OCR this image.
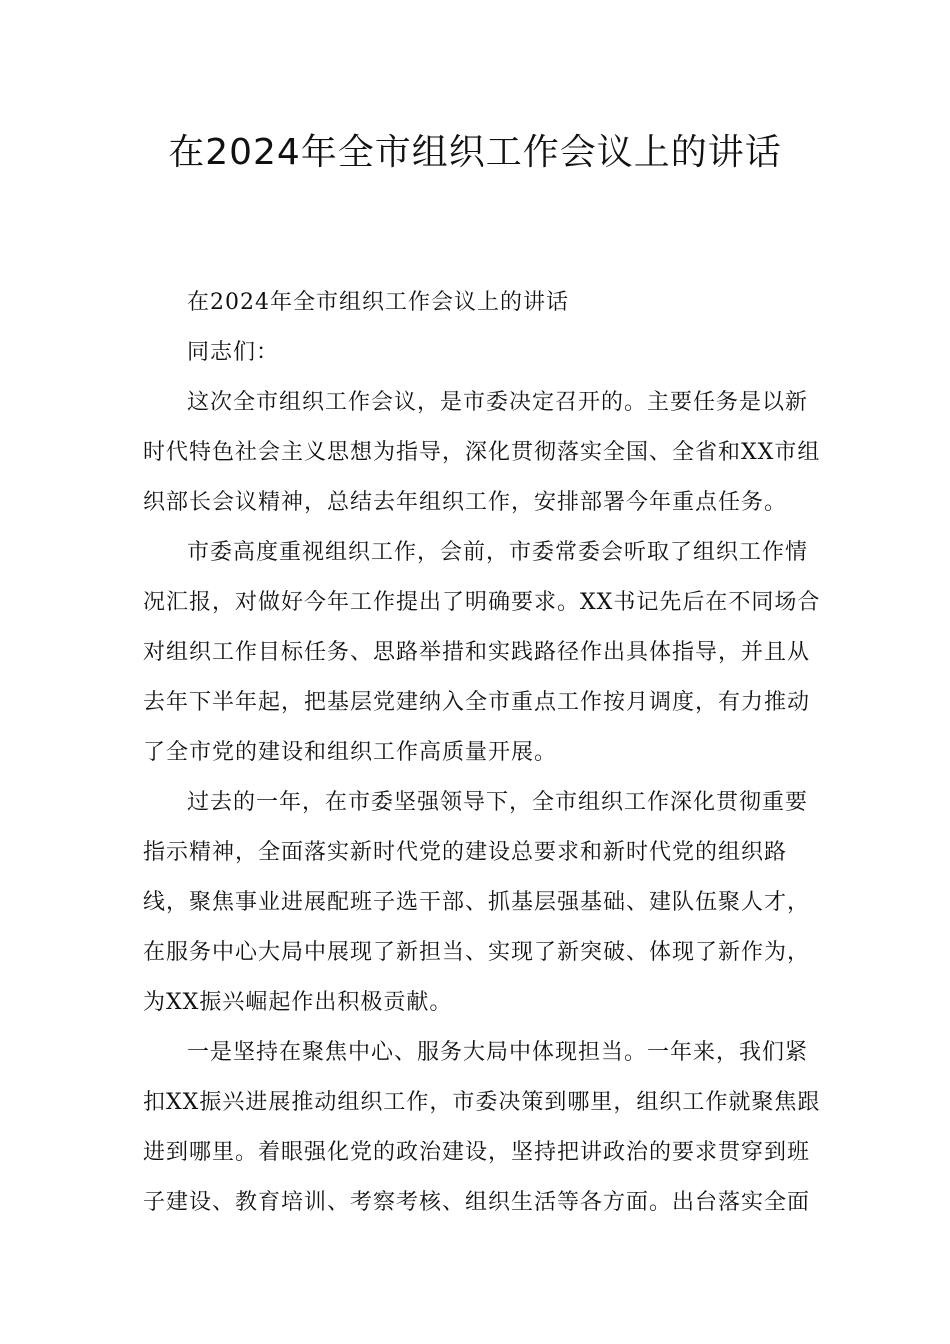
在2024年全市组织工作会议上的讲话

在2024年全市组织工作会议上的讲话

同志们：

这次全市组织工作会议，是市委决定召开的。主要任务是以新时代特色社会主义思想为指导，深化贯彻落实全国、全省和XX市组织部长会议精神，总结去年组织工作，安排部署今年重点任务。

市委高度重视组织工作，会前，市委常委会听取了组织工作情况汇报，对做好今年工作提出了明确要求。XX书记先后在不同场合对组织工作目标任务、思路举措和实践路径作出具体指导，并且从去年下半年起，把基层党建纳入全市重点工作按月调度，有力推动了全市党的建设和组织工作高质量开展。

过去的一年，在市委坚强领导下，全市组织工作深化贯彻重要指示精神，全面落实新时代党的建设总要求和新时代党的组织路线，聚焦事业进展配班子选干部、抓基层强基础、建队伍聚人才，在服务中心大局中展现了新担当、实现了新突破、体现了新作为，为XX振兴崛起作出积极贡献。

一是坚持在聚焦中心、服务大局中体现担当。一年来，我们紧扣XX振兴进展推动组织工作，市委决策到哪里，组织工作就聚焦跟进到哪里。着眼强化党的政治建设，坚持把讲政治的要求贯穿到班子建设、教育培训、考察考核、组织生活等各方面。出台落实全面
